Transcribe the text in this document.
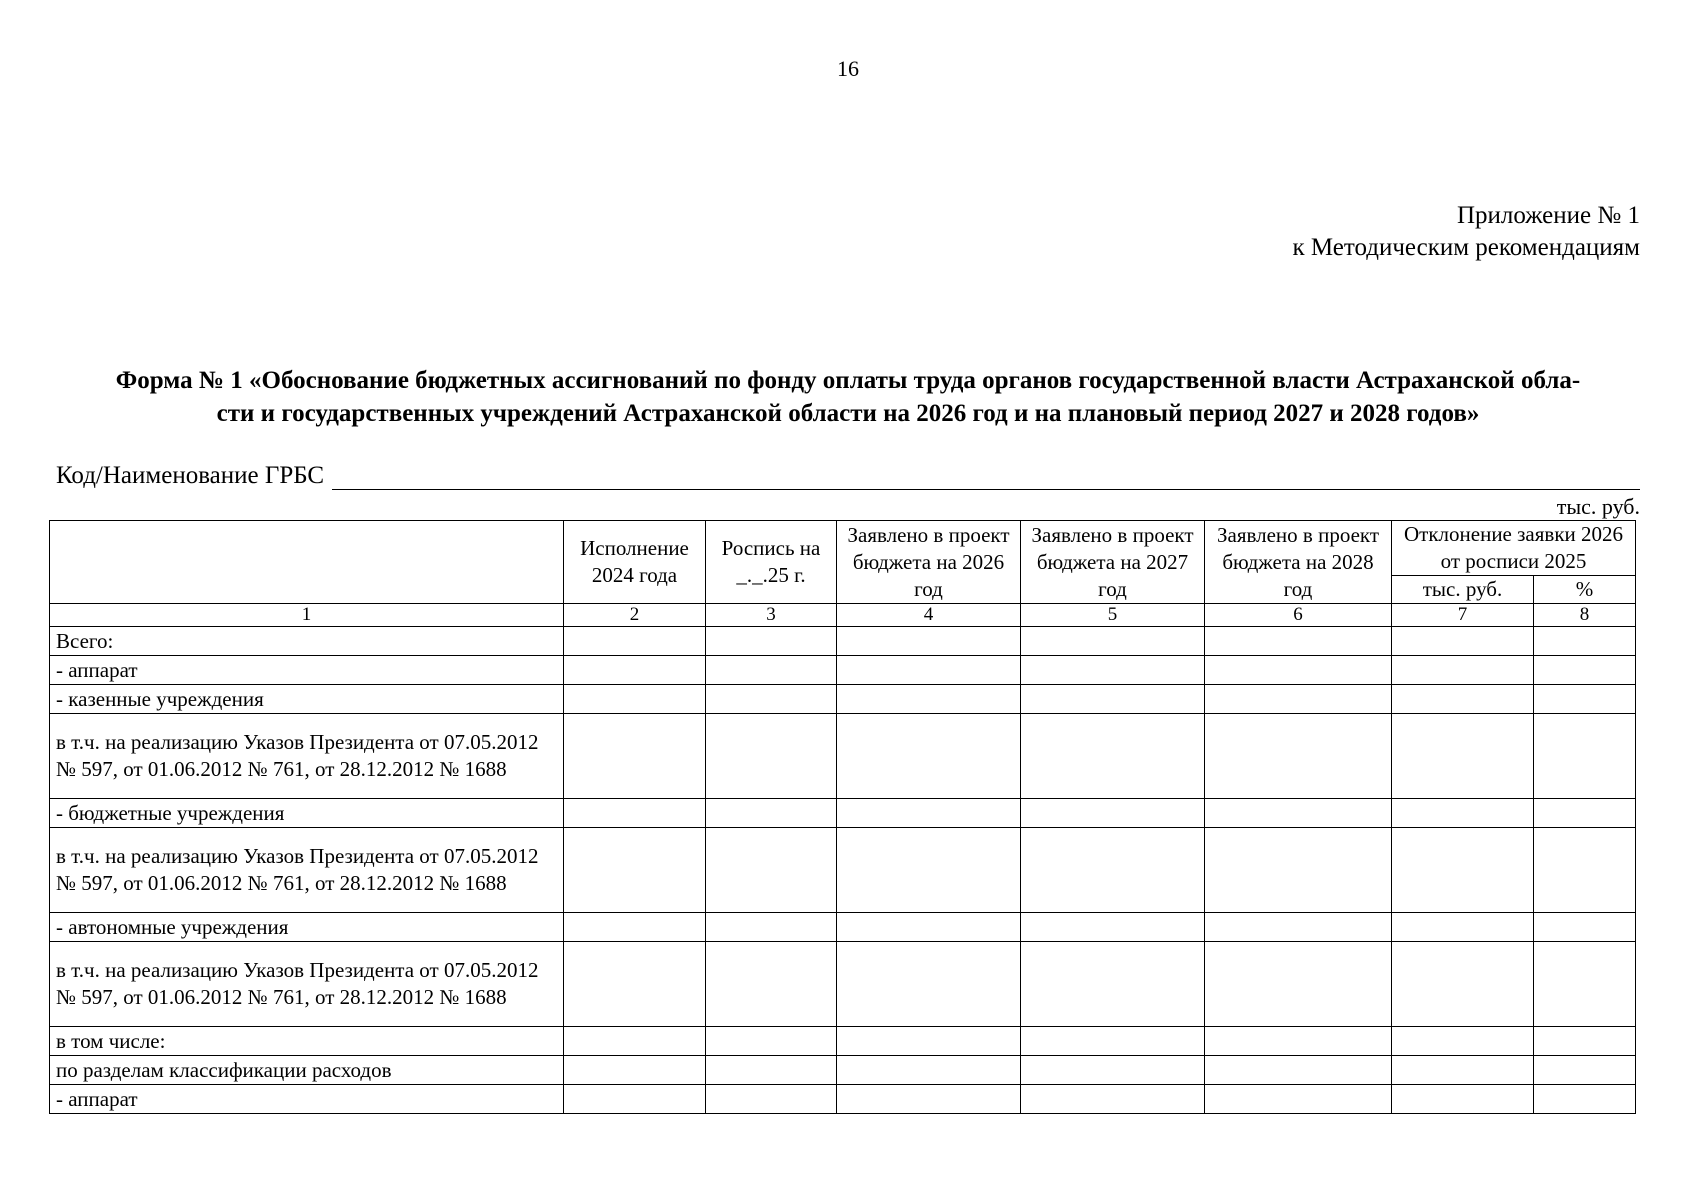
16
Приложение № 1
к Методическим рекомендациям
Форма № 1 «Обоснование бюджетных ассигнований по фонду оплаты труда органов государственной власти Астраханской обла-
сти и государственных учреждений Астраханской области на 2026 год и на плановый период 2027 и 2028 годов»
Код/Наименование ГРБС
тыс. руб.
	Исполнение 2024 года	Роспись на _._.25 г.	Заявлено в проект бюджета на 2026 год	Заявлено в проект бюджета на 2027 год	Заявлено в проект бюджета на 2028 год	Отклонение заявки 2026 от росписи 2025	
						тыс. руб.	%
1	2	3	4	5	6	7	8
Всего:							
- аппарат							
- казенные учреждения							
в т.ч. на реализацию Указов Президента от 07.05.2012 № 597, от 01.06.2012 № 761, от 28.12.2012 № 1688							
- бюджетные учреждения							
в т.ч. на реализацию Указов Президента от 07.05.2012 № 597, от 01.06.2012 № 761, от 28.12.2012 № 1688							
- автономные учреждения							
в т.ч. на реализацию Указов Президента от 07.05.2012 № 597, от 01.06.2012 № 761, от 28.12.2012 № 1688							
в том числе:							
по разделам классификации расходов							
- аппарат							
